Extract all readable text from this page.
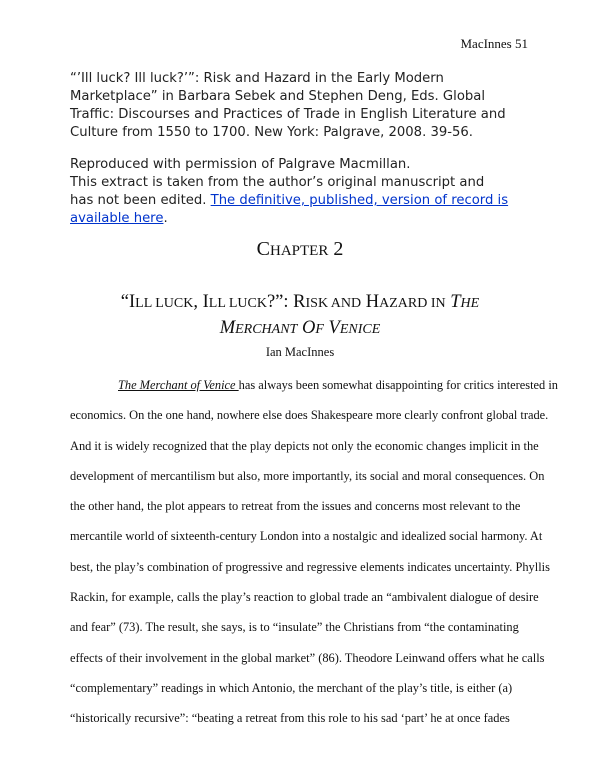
MacInnes 51

“’Ill luck? Ill luck?’”: Risk and Hazard in the Early Modern

Marketplace” in Barbara Sebek and Stephen Deng, Eds. Global

Traffic: Discourses and Practices of Trade in English Literature and

Culture from 1550 to 1700. New York: Palgrave, 2008. 39-56.

Reproduced with permission of Palgrave Macmillan.

This extract is taken from the author’s original manuscript and

has not been edited. The definitive, published, version of record is

available here.

CHAPTER 2
“ILL LUCK, ILL LUCK?”: RISK AND HAZARD IN THE
MERCHANT OF VENICE
Ian MacInnes
The Merchant of Venice has always been somewhat disappointing for critics interested in
economics. On the one hand, nowhere else does Shakespeare more clearly confront global trade.
And it is widely recognized that the play depicts not only the economic changes implicit in the
development of mercantilism but also, more importantly, its social and moral consequences. On
the other hand, the plot appears to retreat from the issues and concerns most relevant to the
mercantile world of sixteenth-century London into a nostalgic and idealized social harmony. At
best, the play’s combination of progressive and regressive elements indicates uncertainty. Phyllis
Rackin, for example, calls the play’s reaction to global trade an “ambivalent dialogue of desire
and fear” (73). The result, she says, is to “insulate” the Christians from “the contaminating
effects of their involvement in the global market” (86). Theodore Leinwand offers what he calls
“complementary” readings in which Antonio, the merchant of the play’s title, is either (a)
“historically recursive”: “beating a retreat from this role to his sad ‘part’ he at once fades
